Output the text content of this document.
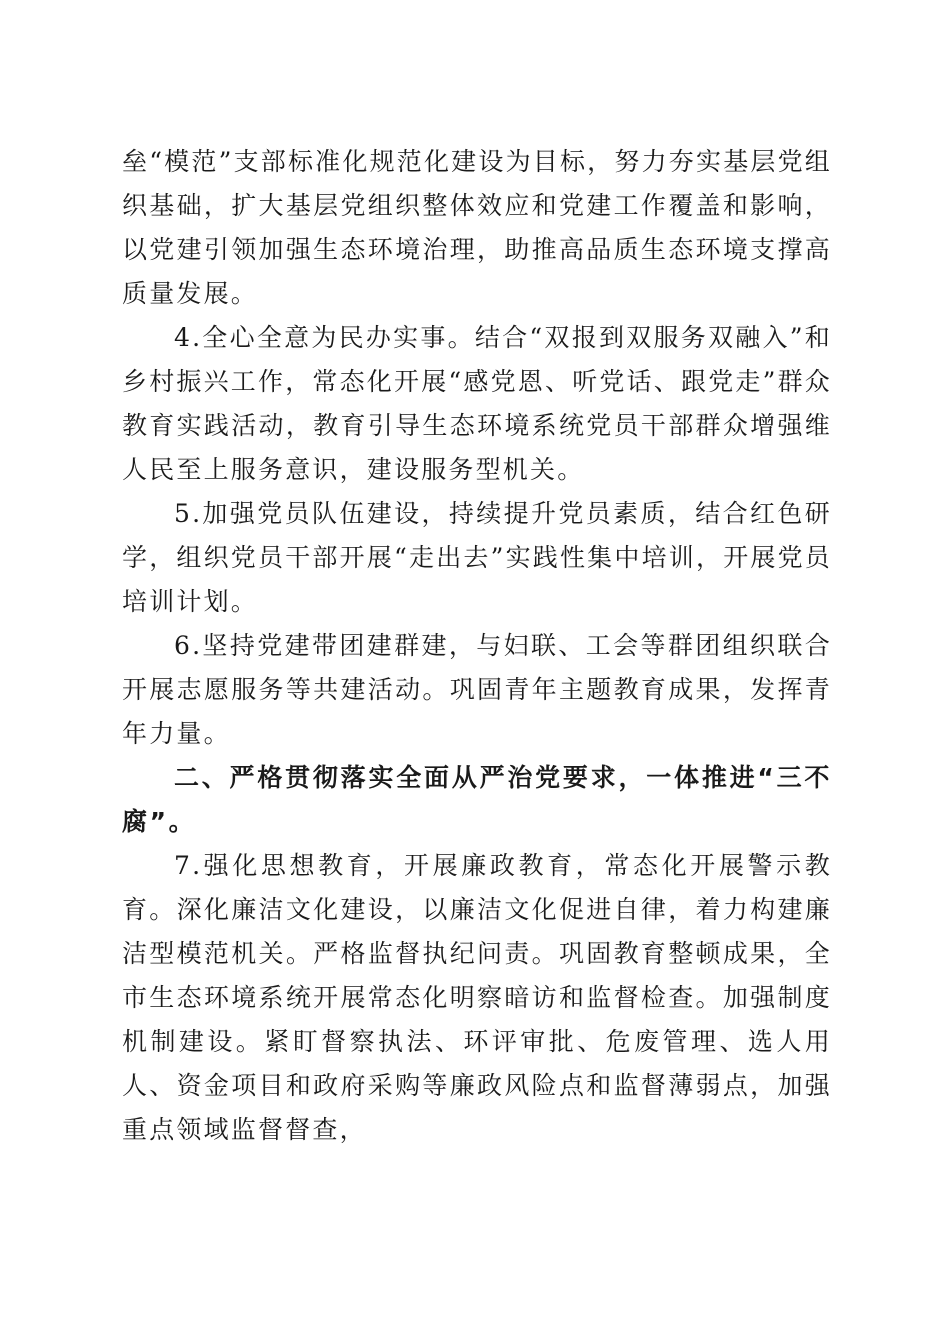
垒“模范”支部标准化规范化建设为目标，努力夯实基层党组织基础，扩大基层党组织整体效应和党建工作覆盖和影响，以党建引领加强生态环境治理，助推高品质生态环境支撑高质量发展。

4.全心全意为民办实事。结合“双报到双服务双融入”和乡村振兴工作，常态化开展“感党恩、听党话、跟党走”群众教育实践活动，教育引导生态环境系统党员干部群众增强维人民至上服务意识，建设服务型机关。

5.加强党员队伍建设，持续提升党员素质，结合红色研学，组织党员干部开展“走出去”实践性集中培训，开展党员培训计划。

6.坚持党建带团建群建，与妇联、工会等群团组织联合开展志愿服务等共建活动。巩固青年主题教育成果，发挥青年力量。

二、严格贯彻落实全面从严治党要求，一体推进“三不腐”。

7.强化思想教育，开展廉政教育，常态化开展警示教育。深化廉洁文化建设，以廉洁文化促进自律，着力构建廉洁型模范机关。严格监督执纪问责。巩固教育整顿成果，全市生态环境系统开展常态化明察暗访和监督检查。加强制度机制建设。紧盯督察执法、环评审批、危废管理、选人用人、资金项目和政府采购等廉政风险点和监督薄弱点，加强重点领域监督督查，
